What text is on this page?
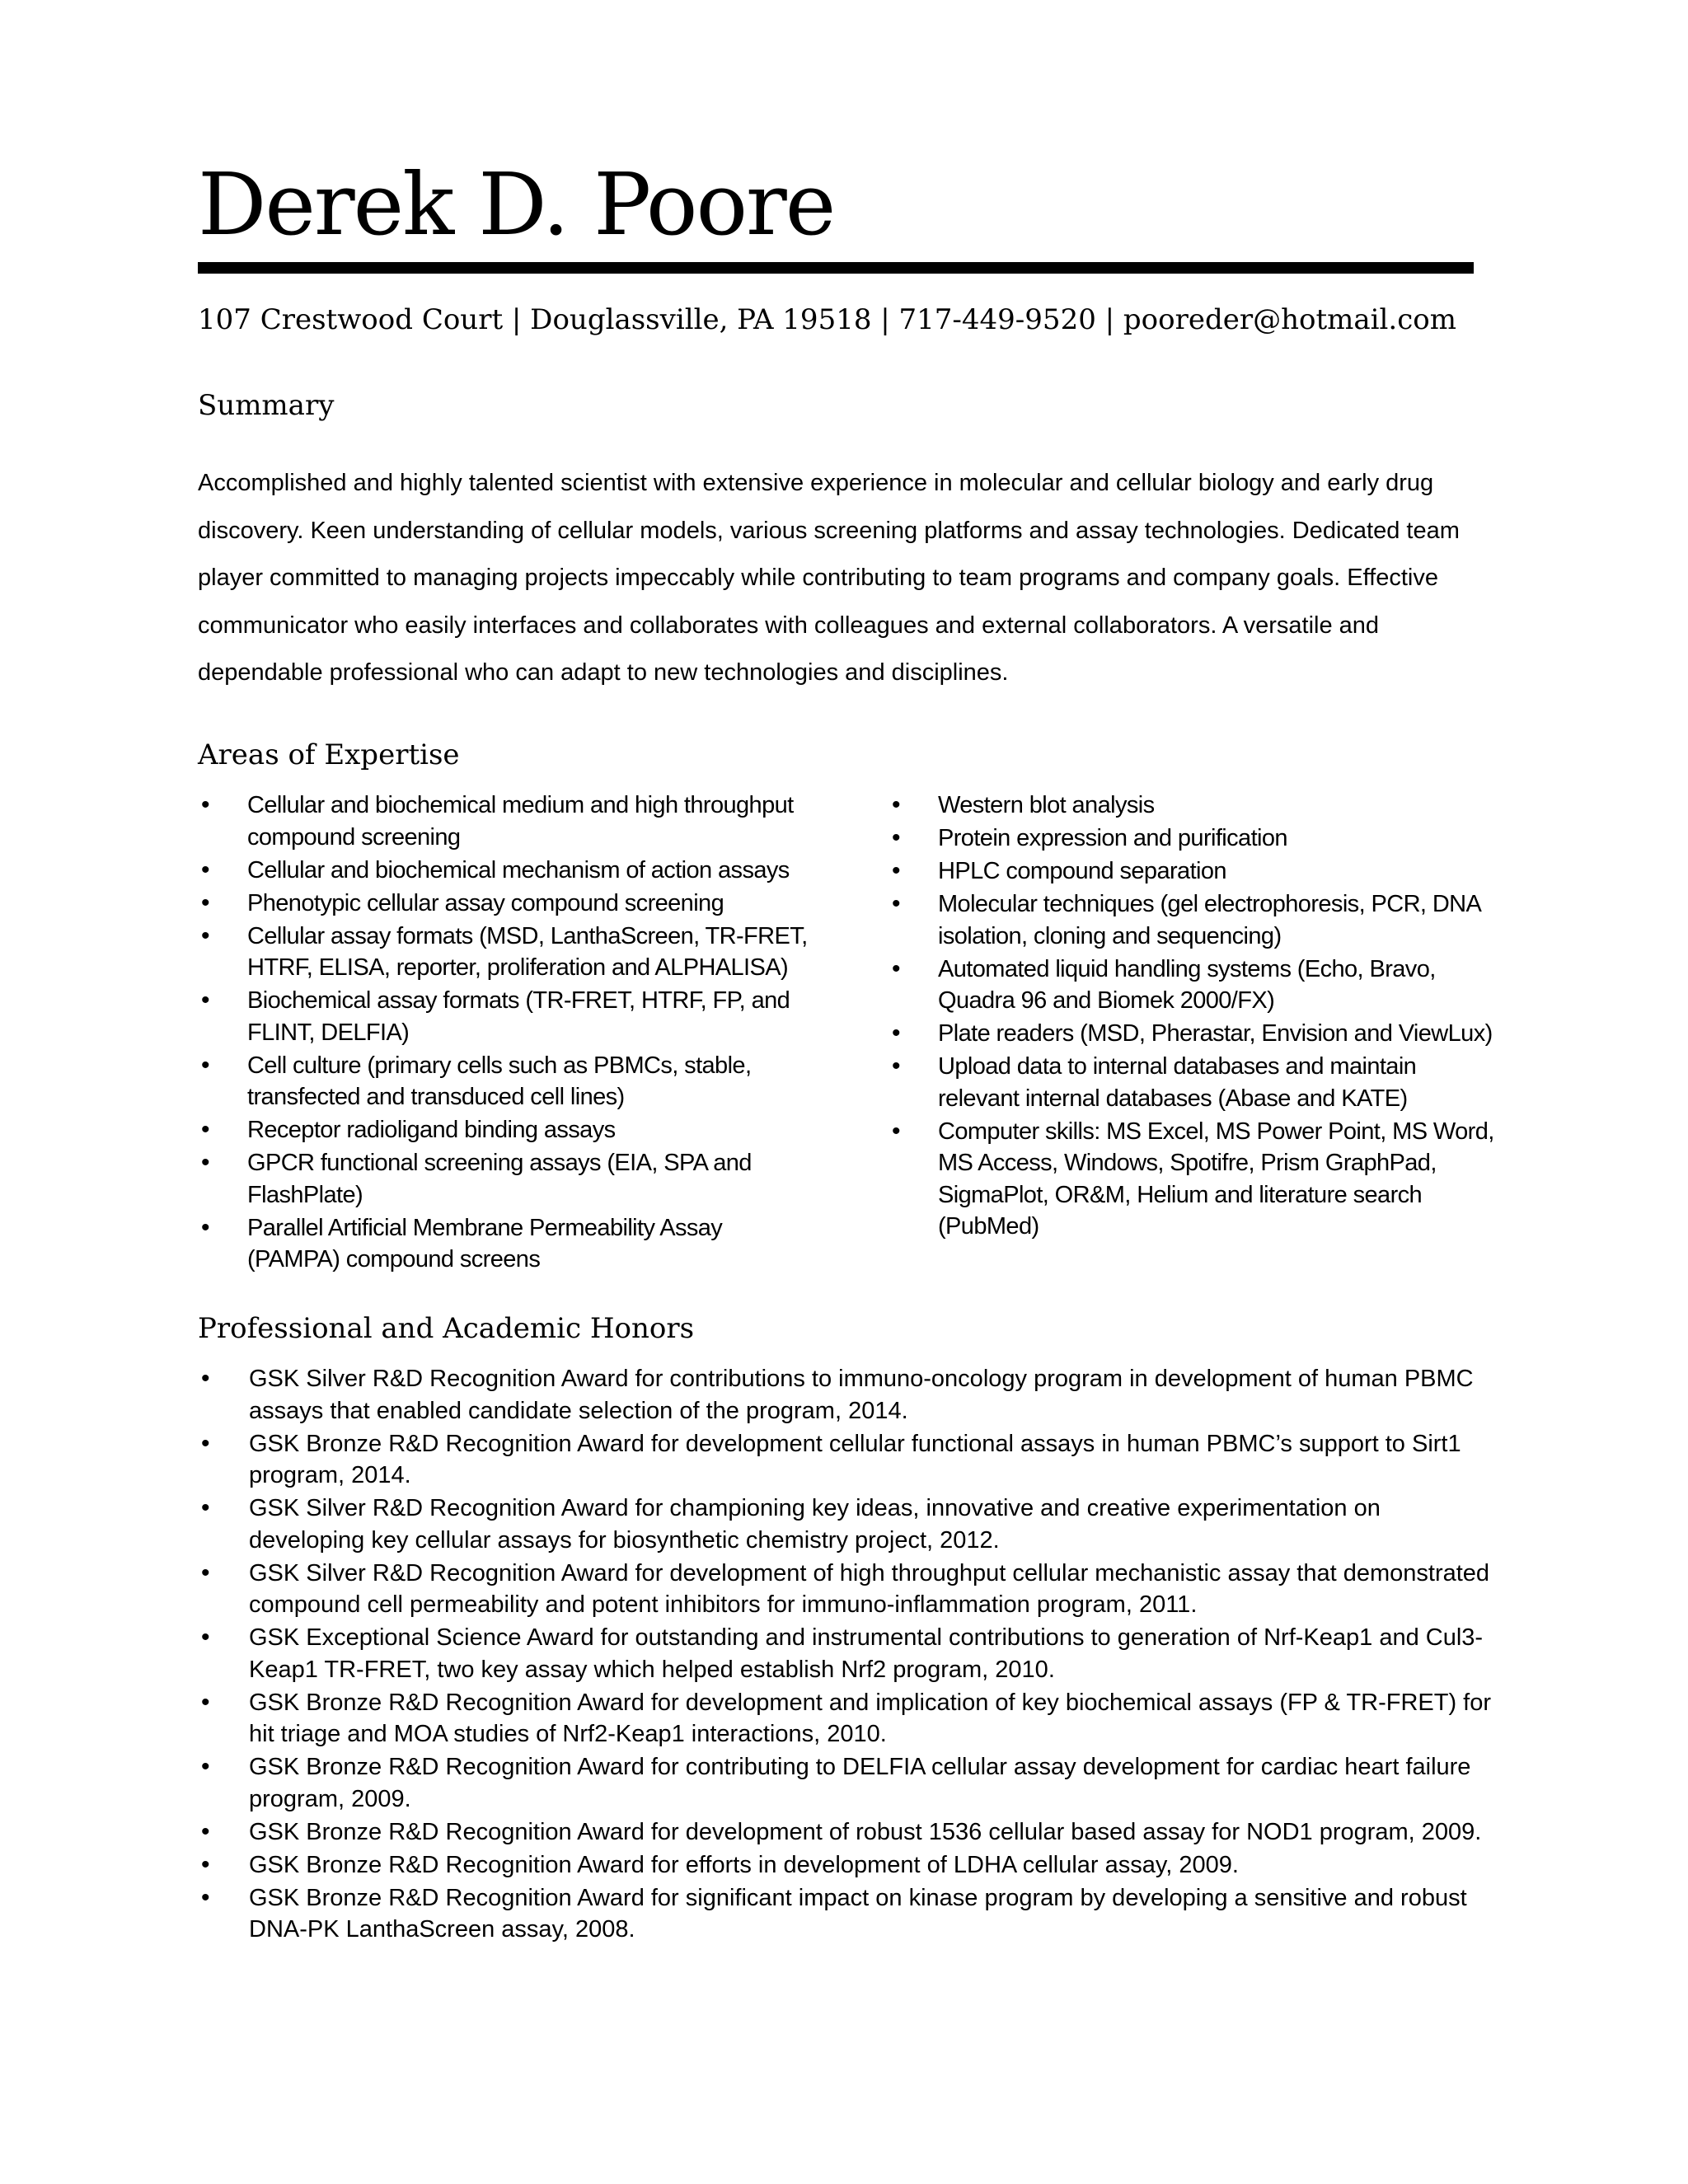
Derek D. Poore
107 Crestwood Court | Douglassville, PA 19518 | 717-449-9520 | pooreder@hotmail.com
Summary

Accomplished and highly talented scientist with extensive experience in molecular and cellular biology and early drug discovery. Keen understanding of cellular models, various screening platforms and assay technologies. Dedicated team player committed to managing projects impeccably while contributing to team programs and company goals. Effective communicator who easily interfaces and collaborates with colleagues and external collaborators. A versatile and dependable professional who can adapt to new technologies and disciplines.

Areas of Expertise
• Cellular and biochemical medium and high throughput compound screening
• Cellular and biochemical mechanism of action assays
• Phenotypic cellular assay compound screening
• Cellular assay formats (MSD, LanthaScreen, TR-FRET, HTRF, ELISA, reporter, proliferation and ALPHALISA)
• Biochemical assay formats (TR-FRET, HTRF, FP, and FLINT, DELFIA)
• Cell culture (primary cells such as PBMCs, stable, transfected and transduced cell lines)
• Receptor radioligand binding assays
• GPCR functional screening assays (EIA, SPA and FlashPlate)
• Parallel Artificial Membrane Permeability Assay (PAMPA) compound screens
• Western blot analysis
• Protein expression and purification
• HPLC compound separation
• Molecular techniques (gel electrophoresis, PCR, DNA isolation, cloning and sequencing)
• Automated liquid handling systems (Echo, Bravo, Quadra 96 and Biomek 2000/FX)
• Plate readers (MSD, Pherastar, Envision and ViewLux)
• Upload data to internal databases and maintain relevant internal databases (Abase and KATE)
• Computer skills: MS Excel, MS Power Point, MS Word, MS Access, Windows, Spotifre, Prism GraphPad, SigmaPlot, OR&M, Helium and literature search (PubMed)
Professional and Academic Honors
• GSK Silver R&D Recognition Award for contributions to immuno-oncology program in development of human PBMC assays that enabled candidate selection of the program, 2014.
• GSK Bronze R&D Recognition Award for development cellular functional assays in human PBMC’s support to Sirt1 program, 2014.
• GSK Silver R&D Recognition Award for championing key ideas, innovative and creative experimentation on developing key cellular assays for biosynthetic chemistry project, 2012.
• GSK Silver R&D Recognition Award for development of high throughput cellular mechanistic assay that demonstrated compound cell permeability and potent inhibitors for immuno-inflammation program, 2011.
• GSK Exceptional Science Award for outstanding and instrumental contributions to generation of Nrf-Keap1 and Cul3-Keap1 TR-FRET, two key assay which helped establish Nrf2 program, 2010.
• GSK Bronze R&D Recognition Award for development and implication of key biochemical assays (FP & TR-FRET) for hit triage and MOA studies of Nrf2-Keap1 interactions, 2010.
• GSK Bronze R&D Recognition Award for contributing to DELFIA cellular assay development for cardiac heart failure program, 2009.
• GSK Bronze R&D Recognition Award for development of robust 1536 cellular based assay for NOD1 program, 2009.
• GSK Bronze R&D Recognition Award for efforts in development of LDHA cellular assay, 2009.
• GSK Bronze R&D Recognition Award for significant impact on kinase program by developing a sensitive and robust DNA-PK LanthaScreen assay, 2008.
